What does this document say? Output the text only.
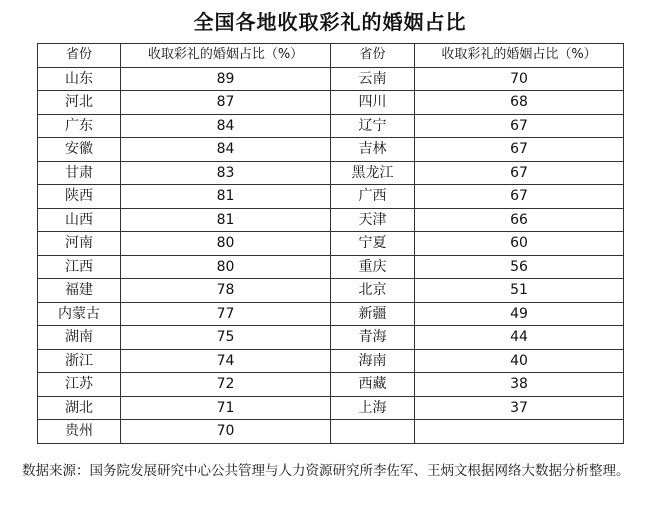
全国各地收取彩礼的婚姻占比
省份	收取彩礼的婚姻占比（%）	省份	收取彩礼的婚姻占比（%）
山东	89	云南	70
河北	87	四川	68
广东	84	辽宁	67
安徽	84	吉林	67
甘肃	83	黑龙江	67
陕西	81	广西	67
山西	81	天津	66
河南	80	宁夏	60
江西	80	重庆	56
福建	78	北京	51
内蒙古	77	新疆	49
湖南	75	青海	44
浙江	74	海南	40
江苏	72	西藏	38
湖北	71	上海	37
贵州	70		
数据来源：国务院发展研究中心公共管理与人力资源研究所李佐军、王炳文根据网络大数据分析整理。
